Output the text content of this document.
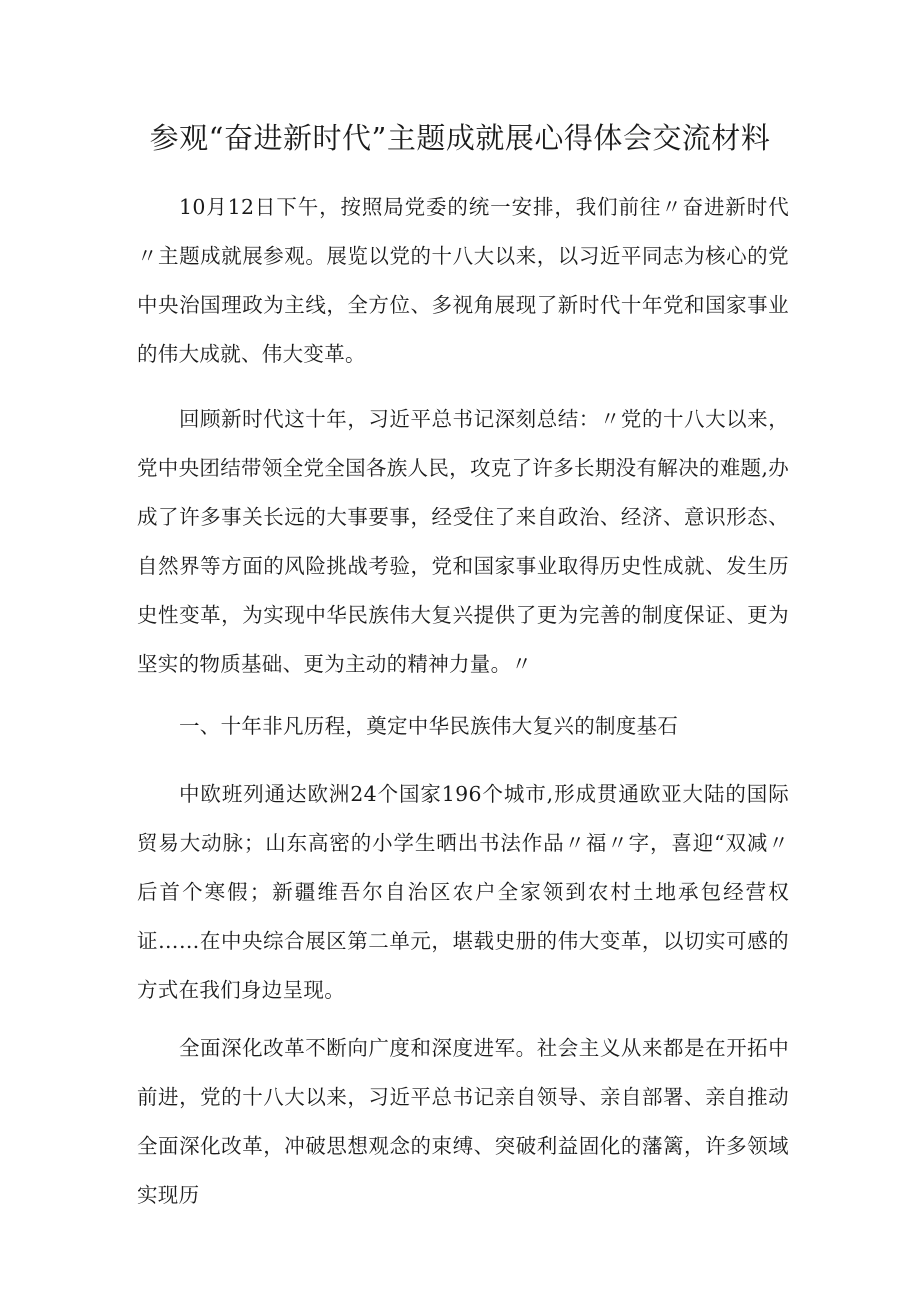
参观“奋进新时代”主题成就展心得体会交流材料

10月12日下午，按照局党委的统一安排，我们前往〃奋进新时代〃主题成就展参观。展览以党的十八大以来，以习近平同志为核心的党中央治国理政为主线，全方位、多视角展现了新时代十年党和国家事业的伟大成就、伟大变革。

回顾新时代这十年，习近平总书记深刻总结：〃党的十八大以来，党中央团结带领全党全国各族人民，攻克了许多长期没有解决的难题,办成了许多事关长远的大事要事，经受住了来自政治、经济、意识形态、自然界等方面的风险挑战考验，党和国家事业取得历史性成就、发生历史性变革，为实现中华民族伟大复兴提供了更为完善的制度保证、更为坚实的物质基础、更为主动的精神力量。〃

一、十年非凡历程，奠定中华民族伟大复兴的制度基石

中欧班列通达欧洲24个国家196个城市,形成贯通欧亚大陆的国际贸易大动脉；山东高密的小学生晒出书法作品〃福〃字，喜迎“双减〃后首个寒假；新疆维吾尔自治区农户全家领到农村土地承包经营权证……在中央综合展区第二单元，堪载史册的伟大变革，以切实可感的方式在我们身边呈现。

全面深化改革不断向广度和深度进军。社会主义从来都是在开拓中前进，党的十八大以来，习近平总书记亲自领导、亲自部署、亲自推动全面深化改革，冲破思想观念的束缚、突破利益固化的藩篱，许多领域实现历
